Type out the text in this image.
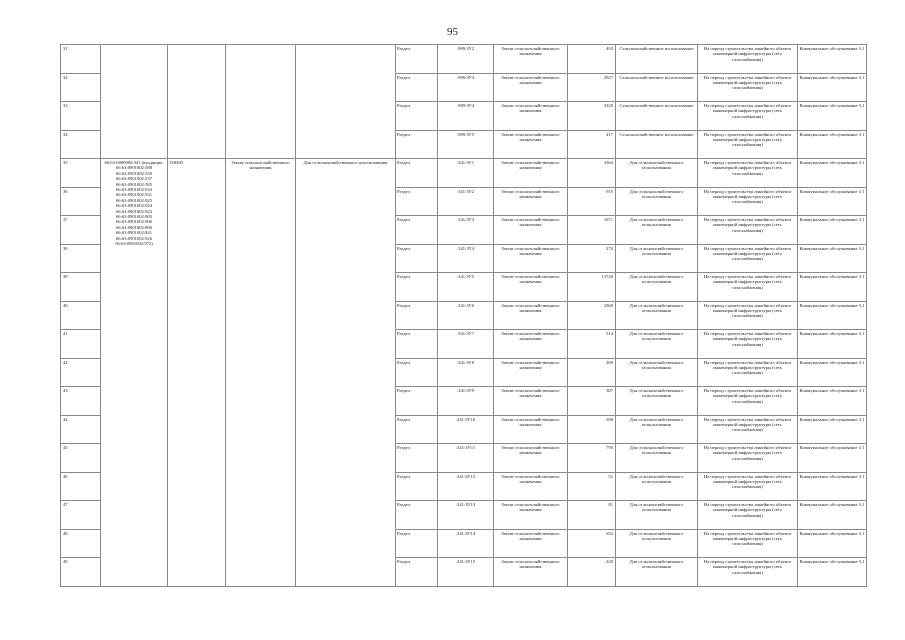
95
31					Раздел	:989:ЗУ2	Земли сельскохозяйственного назначения	492	Сельскохозяйственное использование	На период строительства линейного объекта инженерной инфраструктуры (сеть газоснабжения)	Коммунальное обслуживание 3.1
32					Раздел	:989:ЗУ3	Земли сельскохозяйственного назначения	2927	Сельскохозяйственное использование	На период строительства линейного объекта инженерной инфраструктуры (сеть газоснабжения)	Коммунальное обслуживание 3.1
33					Раздел	:989:ЗУ4	Земли сельскохозяйственного назначения	3329	Сельскохозяйственное использование	На период строительства линейного объекта инженерной инфраструктуры (сеть газоснабжения)	Коммунальное обслуживание 3.1
34					Раздел	:989:ЗУ5	Земли сельскохозяйственного назначения	417	Сельскохозяйственное использование	На период строительства линейного объекта инженерной инфраструктуры (сеть газоснабжения)	Коммунальное обслуживание 3.1
35	66:63:0000000:341 (входящие: 66:63:0901002:588 66:63:0901002:539 66:63:0901002:537 66:63:0901002:585 66:63:0901002:933 66:63:0901002:931 66:63:0901002:925 66:63:0901002:924 66:63:0901002:923 66:63:0901002:905 66:63:0901002:906 66:63:0901002:890 66:63:0901002:841 66:63:0901002:926 66:63:0901002:972)	158300	Земли сельскохозяйственного назначения	Для сельскохозяйственного использования	Раздел	:341:ЗУ1	Земли сельскохозяйственного назначения	3364	Для сельскохозяйственного использования	На период строительства линейного объекта инженерной инфраструктуры (сеть газоснабжения)	Коммунальное обслуживание 3.1
36					Раздел	:341:ЗУ2	Земли сельскохозяйственного назначения	915	Для сельскохозяйственного использования	На период строительства линейного объекта инженерной инфраструктуры (сеть газоснабжения)	Коммунальное обслуживание 3.1
37					Раздел	:341:ЗУ3	Земли сельскохозяйственного назначения	1671	Для сельскохозяйственного использования	На период строительства линейного объекта инженерной инфраструктуры (сеть газоснабжения)	Коммунальное обслуживание 3.1
38					Раздел	:341:ЗУ4	Земли сельскохозяйственного назначения	274	Для сельскохозяйственного использования	На период строительства линейного объекта инженерной инфраструктуры (сеть газоснабжения)	Коммунальное обслуживание 3.1
39					Раздел	:341:ЗУ5	Земли сельскохозяйственного назначения	13720	Для сельскохозяйственного использования	На период строительства линейного объекта инженерной инфраструктуры (сеть газоснабжения)	Коммунальное обслуживание 3.1
40					Раздел	:341:ЗУ6	Земли сельскохозяйственного назначения	2360	Для сельскохозяйственного использования	На период строительства линейного объекта инженерной инфраструктуры (сеть газоснабжения)	Коммунальное обслуживание 3.1
41					Раздел	:341:ЗУ7	Земли сельскохозяйственного назначения	514	Для сельскохозяйственного использования	На период строительства линейного объекта инженерной инфраструктуры (сеть газоснабжения)	Коммунальное обслуживание 3.1
42					Раздел	:341:ЗУ8	Земли сельскохозяйственного назначения	289	Для сельскохозяйственного использования	На период строительства линейного объекта инженерной инфраструктуры (сеть газоснабжения)	Коммунальное обслуживание 3.1
43					Раздел	:341:ЗУ9	Земли сельскохозяйственного назначения	387	Для сельскохозяйственного использования	На период строительства линейного объекта инженерной инфраструктуры (сеть газоснабжения)	Коммунальное обслуживание 3.1
44					Раздел	:341:ЗУ10	Земли сельскохозяйственного назначения	398	Для сельскохозяйственного использования	На период строительства линейного объекта инженерной инфраструктуры (сеть газоснабжения)	Коммунальное обслуживание 3.1
45					Раздел	:341:ЗУ11	Земли сельскохозяйственного назначения	795	Для сельскохозяйственного использования	На период строительства линейного объекта инженерной инфраструктуры (сеть газоснабжения)	Коммунальное обслуживание 3.1
46					Раздел	:341:ЗУ12	Земли сельскохозяйственного назначения	51	Для сельскохозяйственного использования	На период строительства линейного объекта инженерной инфраструктуры (сеть газоснабжения)	Коммунальное обслуживание 3.1
47					Раздел	:341:ЗУ13	Земли сельскохозяйственного назначения	81	Для сельскохозяйственного использования	На период строительства линейного объекта инженерной инфраструктуры (сеть газоснабжения)	Коммунальное обслуживание 3.1
48					Раздел	:341:ЗУ14	Земли сельскохозяйственного назначения	652	Для сельскохозяйственного использования	На период строительства линейного объекта инженерной инфраструктуры (сеть газоснабжения)	Коммунальное обслуживание 3.1
49					Раздел	:341:ЗУ15	Земли сельскохозяйственного назначения	229	Для сельскохозяйственного использования	На период строительства линейного объекта инженерной инфраструктуры (сеть газоснабжения)	Коммунальное обслуживание 3.1
